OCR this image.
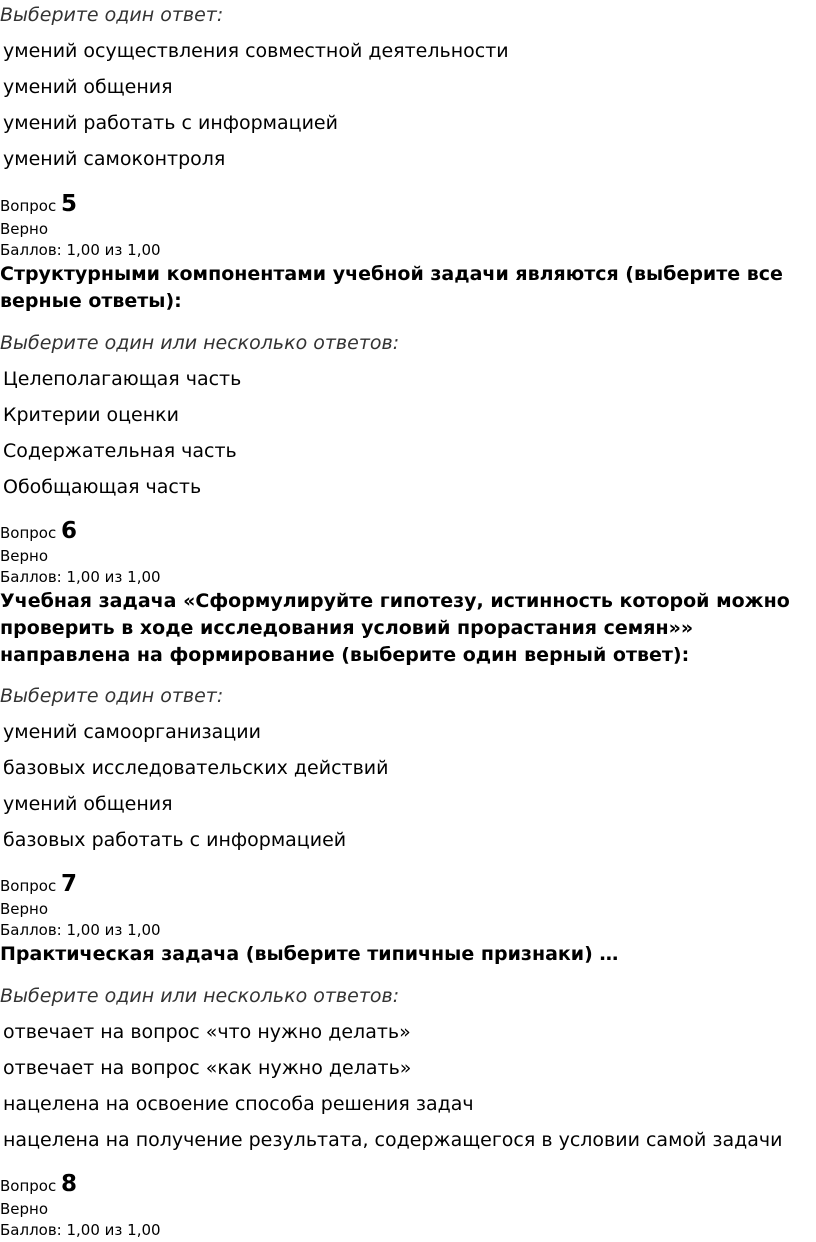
Выберите один ответ:

умений осуществления совместной деятельности
умений общения
умений работать с информацией
умений самоконтроля
Вопрос 5
Верно
Баллов: 1,00 из 1,00

Структурными компонентами учебной задачи являются (выберите все верные ответы):

Выберите один или несколько ответов:

Целеполагающая часть
Критерии оценки
Содержательная часть
Обобщающая часть
Вопрос 6
Верно
Баллов: 1,00 из 1,00

Учебная задача «Сформулируйте гипотезу, истинность которой можно проверить в ходе исследования условий прорастания семян»» направлена на формирование (выберите один верный ответ):

Выберите один ответ:

умений самоорганизации
базовых исследовательских действий
умений общения
базовых работать с информацией
Вопрос 7
Верно
Баллов: 1,00 из 1,00

Практическая задача (выберите типичные признаки) …

Выберите один или несколько ответов:

отвечает на вопрос «что нужно делать»
отвечает на вопрос «как нужно делать»
нацелена на освоение способа решения задач
нацелена на получение результата, содержащегося в условии самой задачи
Вопрос 8
Верно
Баллов: 1,00 из 1,00
